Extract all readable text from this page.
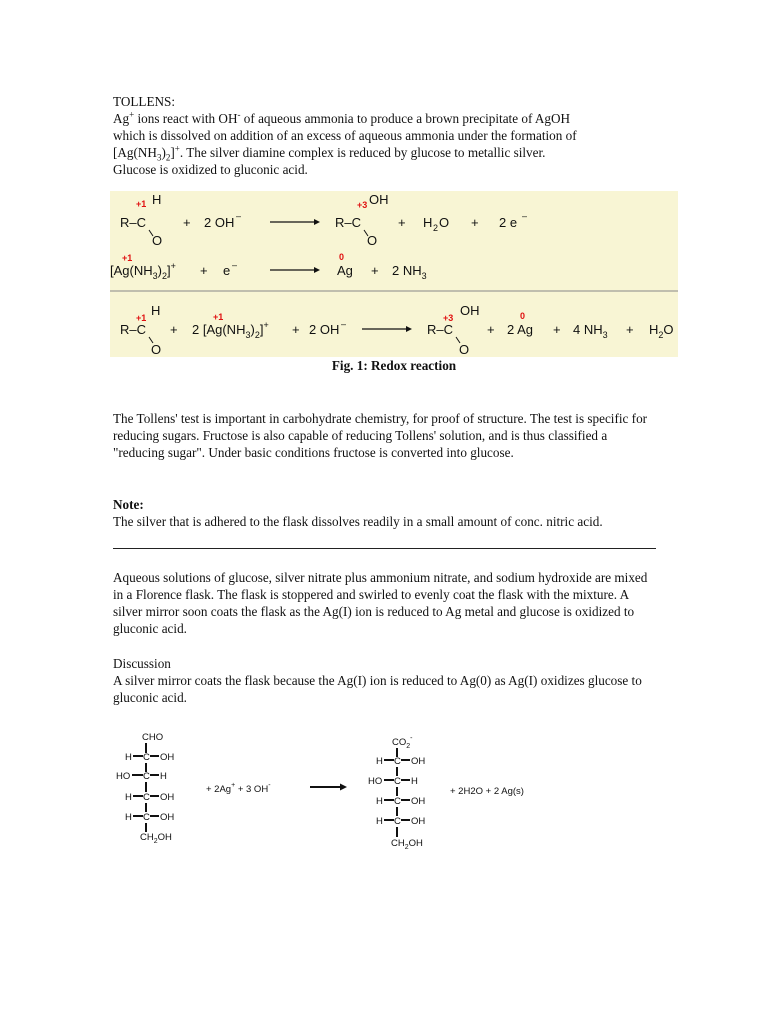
TOLLENS:
Ag+ ions react with OH- of aqueous ammonia to produce a brown precipitate of AgOH
which is dissolved on addition of an excess of aqueous ammonia under the formation of
$[Ag(NH_3)_2]^+$. The silver diamine complex is reduced by glucose to metallic silver.
Glucose is oxidized to gluconic acid.
+1 H
R–C
O
+ 2 OH –
+3 OH
R–C
O
+ H 2 O + 2 e –
+1
$[Ag(NH_3)_2]^+ + e$ –
0
Ag + 2 $NH_3$
+1 H
R–C
O
+
+1
2 $[Ag(NH_3)_2]^+ + 2$ OH –
+3 OH
R–C
O
+
0
2 Ag + 4 $NH_3 + H_2O$
Fig. 1: Redox reaction
The Tollens' test is important in carbohydrate chemistry, for proof of structure. The test is specific for reducing sugars. Fructose is also capable of reducing Tollens' solution, and is thus classified a "reducing sugar". Under basic conditions fructose is converted into glucose.
Note:
The silver that is adhered to the flask dissolves readily in a small amount of conc. nitric acid.
Aqueous solutions of glucose, silver nitrate plus ammonium nitrate, and sodium hydroxide are mixed in a Florence flask. The flask is stoppered and swirled to evenly coat the flask with the mixture. A silver mirror soon coats the flask as the Ag(I) ion is reduced to Ag metal and glucose is oxidized to gluconic acid.
Discussion
A silver mirror coats the flask because the Ag(I) ion is reduced to Ag(0) as Ag(I) oxidizes glucose to gluconic acid.
CHO
H C OH
HO C H
H C OH
H C OH
$CH_2OH$
+ 2Ag+ + 3 OH-
$CO_2^-$
H C OH
HO C H
H C OH
H C OH
$CH_2OH$
+ 2H2O + 2 Ag(s)
